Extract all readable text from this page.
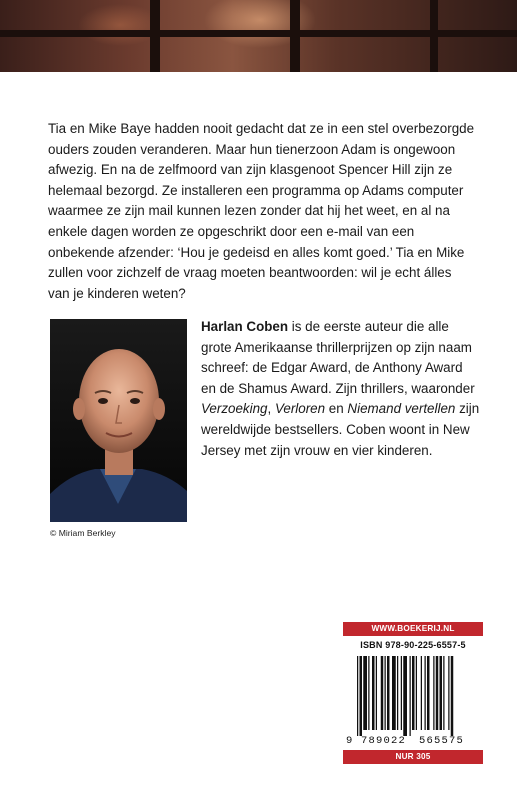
Tia en Mike Baye hadden nooit gedacht dat ze in een stel overbezorgde ouders zouden veranderen. Maar hun tienerzoon Adam is ongewoon afwezig. En na de zelfmoord van zijn klasgenoot Spencer Hill zijn ze helemaal bezorgd. Ze installeren een programma op Adams computer waarmee ze zijn mail kunnen lezen zonder dat hij het weet, en al na enkele dagen worden ze opgeschrikt door een e-mail van een onbekende afzender: ‘Hou je gedeisd en alles komt goed.’ Tia en Mike zullen voor zichzelf de vraag moeten beantwoorden: wil je echt álles van je kinderen weten?

© Miriam Berkley

Harlan Coben is de eerste auteur die alle grote Amerikaanse thrillerprijzen op zijn naam schreef: de Edgar Award, de Anthony Award en de Shamus Award. Zijn thrillers, waaronder Verzoeking, Verloren en Niemand vertellen zijn wereldwijde bestsellers. Coben woont in New Jersey met zijn vrouw en vier kinderen.

WWW.BOEKERIJ.NL
ISBN 978-90-225-6557-5
9 789022 565575
NUR 305
